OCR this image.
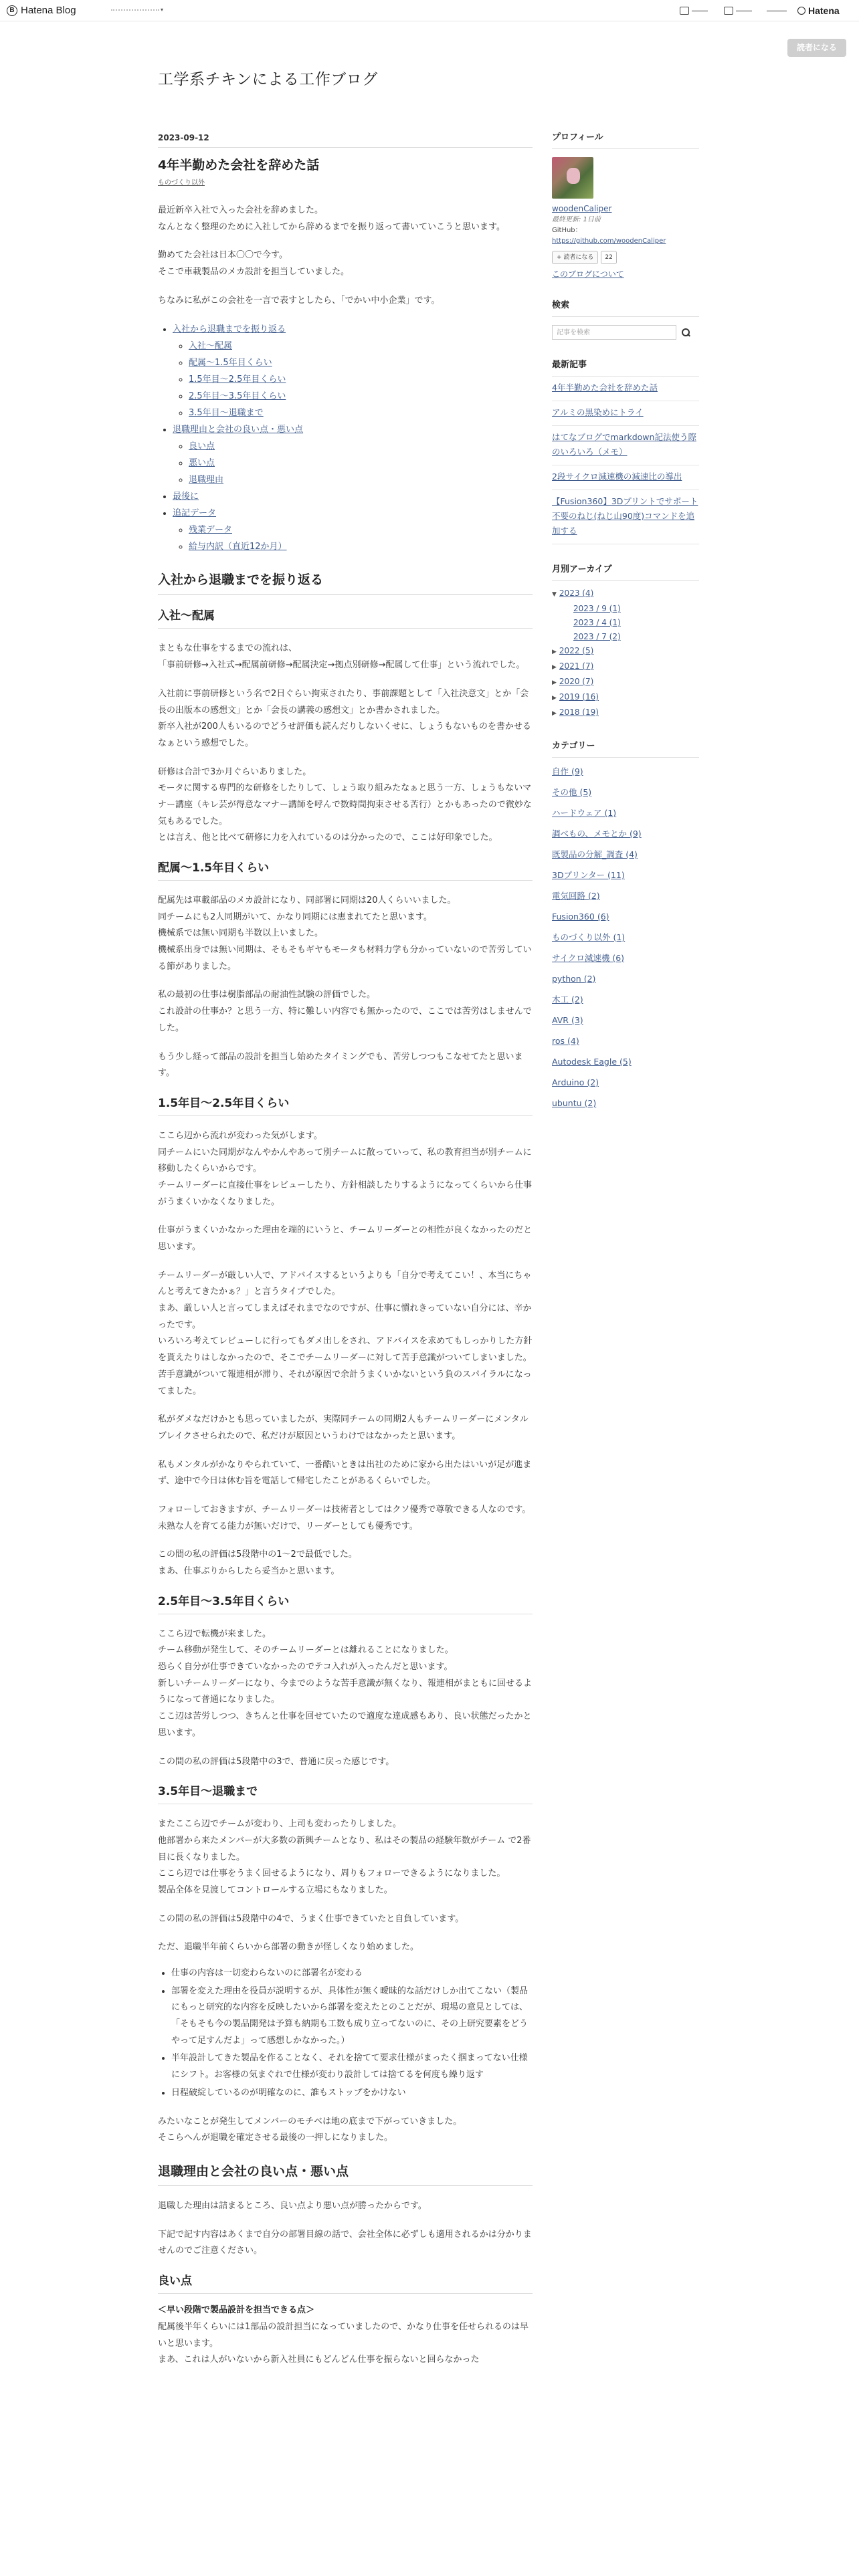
B Hatena Blog	▾	Hatena
読者になる
工学系チキンによる工作ブログ
2023-09-12
4年半勤めた会社を辞めた話
ものづくり以外

最近新卒入社で入った会社を辞めました。
なんとなく整理のために入社してから辞めるまでを振り返って書いていこうと思います。

勤めてた会社は日本〇〇で今す。
そこで車載製品のメカ設計を担当していました。

ちなみに私がこの会社を一言で表すとしたら、「でかい中小企業」です。

• 入社から退職までを振り返る
◦ 入社〜配属
◦ 配属〜1.5年目くらい
◦ 1.5年目〜2.5年目くらい
◦ 2.5年目〜3.5年目くらい
◦ 3.5年目〜退職まで
• 退職理由と会社の良い点・悪い点
◦ 良い点
◦ 悪い点
◦ 退職理由
• 最後に
• 追記データ
◦ 残業データ
◦ 給与内訳（直近12か月）
入社から退職までを振り返る
入社〜配属

まともな仕事をするまでの流れは、
「事前研修→入社式→配属前研修→配属決定→拠点別研修→配属して仕事」という流れでした。

入社前に事前研修という名で2日ぐらい拘束されたり、事前課題として「入社決意文」とか「会長の出版本の感想文」とか「会長の講義の感想文」とか書かされました。
新卒入社が200人もいるのでどうせ評価も読んだりしないくせに、しょうもないものを書かせるなぁという感想でした。

研修は合計で3か月ぐらいありました。
モータに関する専門的な研修をしたりして、しょう取り組みたなぁと思う一方、しょうもないマナー講座（キレ芸が得意なマナー講師を呼んで数時間拘束させる苦行）とかもあったので微妙な気もあるでした。
とは言え、他と比べて研修に力を入れているのは分かったので、ここは好印象でした。

配属〜1.5年目くらい

配属先は車載部品のメカ設計になり、同部署に同期は20人くらいいました。
同チームにも2人同期がいて、かなり同期には恵まれてたと思います。
機械系では無い同期も半数以上いました。
機械系出身では無い同期は、そもそもギヤもモータも材料力学も分かっていないので苦労している節がありました。

私の最初の仕事は樹脂部品の耐油性試験の評価でした。
これ設計の仕事か？と思う一方、特に難しい内容でも無かったので、ここでは苦労はしませんでした。

もう少し経って部品の設計を担当し始めたタイミングでも、苦労しつつもこなせてたと思います。

1.5年目〜2.5年目くらい

ここら辺から流れが変わった気がします。
同チームにいた同期がなんやかんやあって別チームに散っていって、私の教育担当が別チームに移動したくらいからです。
チームリーダーに直接仕事をレビューしたり、方針相談したりするようになってくらいから仕事がうまくいかなくなりました。

仕事がうまくいかなかった理由を端的にいうと、チームリーダーとの相性が良くなかったのだと思います。

チームリーダーが厳しい人で、アドバイスするというよりも「自分で考えてこい！、本当にちゃんと考えてきたかぁ？」と言うタイプでした。
まあ、厳しい人と言ってしまえばそれまでなのですが、仕事に慣れきっていない自分には、辛かったです。
いろいろ考えてレビューしに行ってもダメ出しをされ、アドバイスを求めてもしっかりした方針を貰えたりはしなかったので、そこでチームリーダーに対して苦手意識がついてしまいました。
苦手意識がついて報連相が滞り、それが原因で余計うまくいかないという負のスパイラルになってました。

私がダメなだけかとも思っていましたが、実際同チームの同期2人もチームリーダーにメンタルブレイクさせられたので、私だけが原因というわけではなかったと思います。

私もメンタルがかなりやられていて、一番酷いときは出社のために家から出たはいいが足が進まず、途中で今日は休む旨を電話して帰宅したことがあるくらいでした。

フォローしておきますが、チームリーダーは技術者としてはクソ優秀で尊敬できる人なのです。未熟な人を育てる能力が無いだけで、リーダーとしても優秀です。

この間の私の評価は5段階中の1〜2で最低でした。
まあ、仕事ぶりからしたら妥当かと思います。

2.5年目〜3.5年目くらい

ここら辺で転機が来ました。
チーム移動が発生して、そのチームリーダーとは離れることになりました。
恐らく自分が仕事できていなかったのでテコ入れが入ったんだと思います。
新しいチームリーダーになり、今までのような苦手意識が無くなり、報連相がまともに回せるようになって普通になりました。
ここ辺は苦労しつつ、きちんと仕事を回せていたので適度な達成感もあり、良い状態だったかと思います。

この間の私の評価は5段階中の3で、普通に戻った感じです。

3.5年目〜退職まで

またここら辺でチームが変わり、上司も変わったりしました。
他部署から来たメンバーが大多数の新興チームとなり、私はその製品の経験年数がチーム で2番目に長くなりました。
ここら辺では仕事をうまく回せるようになり、周りもフォローできるようになりました。
製品全体を見渡してコントロールする立場にもなりました。

この間の私の評価は5段階中の4で、うまく仕事できていたと自負しています。

ただ、退職半年前くらいから部署の動きが怪しくなり始めました。

• 仕事の内容は一切変わらないのに部署名が変わる
• 部署を変えた理由を役員が説明するが、具体性が無く曖昧的な話だけしか出てこない（製品にもっと研究的な内容を反映したいから部署を変えたとのことだが、現場の意見としては、「そもそも今の製品開発は予算も納期も工数も成り立ってないのに、その上研究要素をどうやって足すんだよ」って感想しかなかった。）
• 半年設計してきた製品を作ることなく、それを捨てて要求仕様がまったく掴まってない仕様にシフト。お客様の気まぐれで仕様が変わり設計しては捨てるを何度も繰り返す
• 日程破綻しているのが明確なのに、誰もストップをかけない

みたいなことが発生してメンバーのモチベは地の底まで下がっていきました。
そこらへんが退職を確定させる最後の一押しになりました。

退職理由と会社の良い点・悪い点

退職した理由は詰まるところ、良い点より悪い点が勝ったからです。

下記で記す内容はあくまで自分の部署目線の話で、会社全体に必ずしも適用されるかは分かりませんのでご注意ください。

良い点
＜早い段階で製品設計を担当できる点＞

配属後半年くらいには1部品の設計担当になっていましたので、かなり仕事を任せられるのは早いと思います。
まあ、これは人がいないから新入社員にもどんどん仕事を振らないと回らなかった

プロフィール
woodenCaliper
最終更新: 1日前
GitHub：
https://github.com/woodenCaliper
+ 読者になる	22
このブログについて
検索
記事を検索
最新記事
4年半勤めた会社を辞めた話
アルミの黒染めにトライ
はてなブログでmarkdown記法使う際のいろいろ（メモ）
2段サイクロ減速機の減速比の導出
【Fusion360】3Dプリントでサポート不要のねじ(ねじ山90度)コマンドを追加する
月別アーカイブ
▼ 2023 (4)
2023 / 9 (1)
2023 / 4 (1)
2023 / 7 (2)
▶ 2022 (5)
▶ 2021 (7)
▶ 2020 (7)
▶ 2019 (16)
▶ 2018 (19)
カテゴリー
自作 (9)
その他 (5)
ハードウェア (1)
調べもの、メモとか (9)
既製品の分解_調査 (4)
3Dプリンター (11)
電気回路 (2)
Fusion360 (6)
ものづくり以外 (1)
サイクロ減速機 (6)
python (2)
木工 (2)
AVR (3)
ros (4)
Autodesk Eagle (5)
Arduino (2)
ubuntu (2)
